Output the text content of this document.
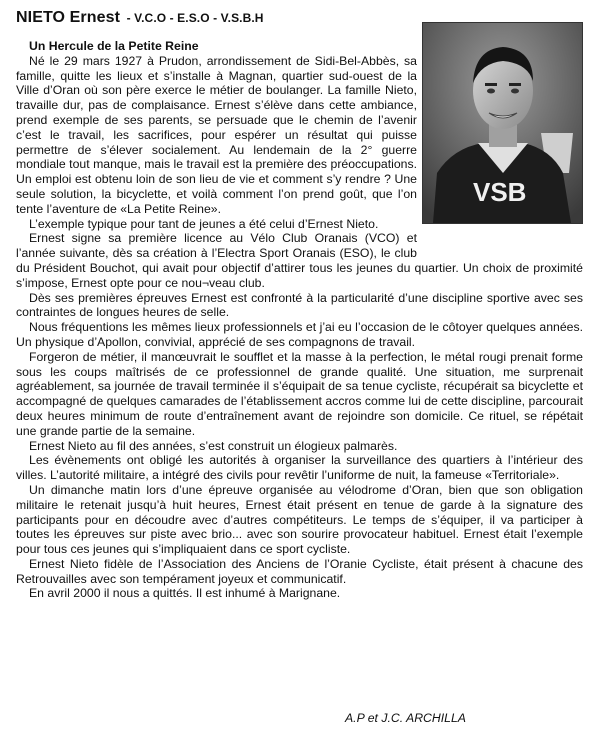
NIETO Ernest - V.C.O - E.S.O - V.S.B.H
VSB

Un Hercule de la Petite Reine

Né le 29 mars 1927 à Prudon, arrondissement de Sidi-Bel-Abbès, sa famille, quitte les lieux et s’installe à Magnan, quartier sud-ouest de la Ville d’Oran où son père exerce le métier de boulanger. La famille Nieto, travaille dur, pas de complaisance. Ernest s’élève dans cette ambiance, prend exemple de ses parents, se persuade que le chemin de l’avenir c’est le travail, les sacrifices, pour espérer un résultat qui puisse permettre de s’élever socialement. Au lendemain de la 2° guerre mondiale tout manque, mais le travail est la première des préoccupations. Un emploi est obtenu loin de son lieu de vie et comment s’y rendre ? Une seule solution, la bicyclette, et voilà comment l’on prend goût, que l’on tente l’aventure de «La Petite Reine».

L’exemple typique pour tant de jeunes a été celui d’Ernest Nieto.

Ernest signe sa première licence au Vélo Club Oranais (VCO) et l’année suivante, dès sa création à l’Electra Sport Oranais (ESO), le club du Président Bouchot, qui avait pour objectif d’attirer tous les jeunes du quartier. Un choix de proximité s’impose, Ernest opte pour ce nou¬veau club.

Dès ses premières épreuves Ernest est confronté à la particularité d’une discipline sportive avec ses contraintes de longues heures de selle.

Nous fréquentions les mêmes lieux professionnels et j’ai eu l’occasion de le côtoyer quelques années. Un physique d’Apollon, convivial, apprécié de ses compagnons de travail.

Forgeron de métier, il manœuvrait le soufflet et la masse à la perfection, le métal rougi prenait forme sous les coups maîtrisés de ce professionnel de grande qualité. Une situation, me surprenait agréablement, sa journée de travail terminée il s’équipait de sa tenue cycliste, récupérait sa bicyclette et accompagné de quelques camarades de l’établissement accros comme lui de cette discipline, parcourait deux heures minimum de route d’entraînement avant de rejoindre son domicile. Ce rituel, se répétait une grande partie de la semaine.

Ernest Nieto au fil des années, s’est construit un élogieux palmarès.

Les évènements ont obligé les autorités à organiser la surveillance des quartiers à l’intérieur des villes. L’autorité militaire, a intégré des civils pour revêtir l’uniforme de nuit, la fameuse «Territoriale».

Un dimanche matin lors d’une épreuve organisée au vélodrome d’Oran, bien que son obligation militaire le retenait jusqu’à huit heures, Ernest était présent en tenue de garde à la signature des participants pour en découdre avec d’autres compétiteurs. Le temps de s’équiper, il va participer à toutes les épreuves sur piste avec brio... avec son sourire provocateur habituel. Ernest était l’exemple pour tous ces jeunes qui s’impliquaient dans ce sport cycliste.

Ernest Nieto fidèle de l’Association des Anciens de l’Oranie Cycliste, était présent à chacune des Retrouvailles avec son tempérament joyeux et communicatif.

En avril 2000 il nous a quittés. Il est inhumé à Marignane.

A.P et J.C. ARCHILLA
